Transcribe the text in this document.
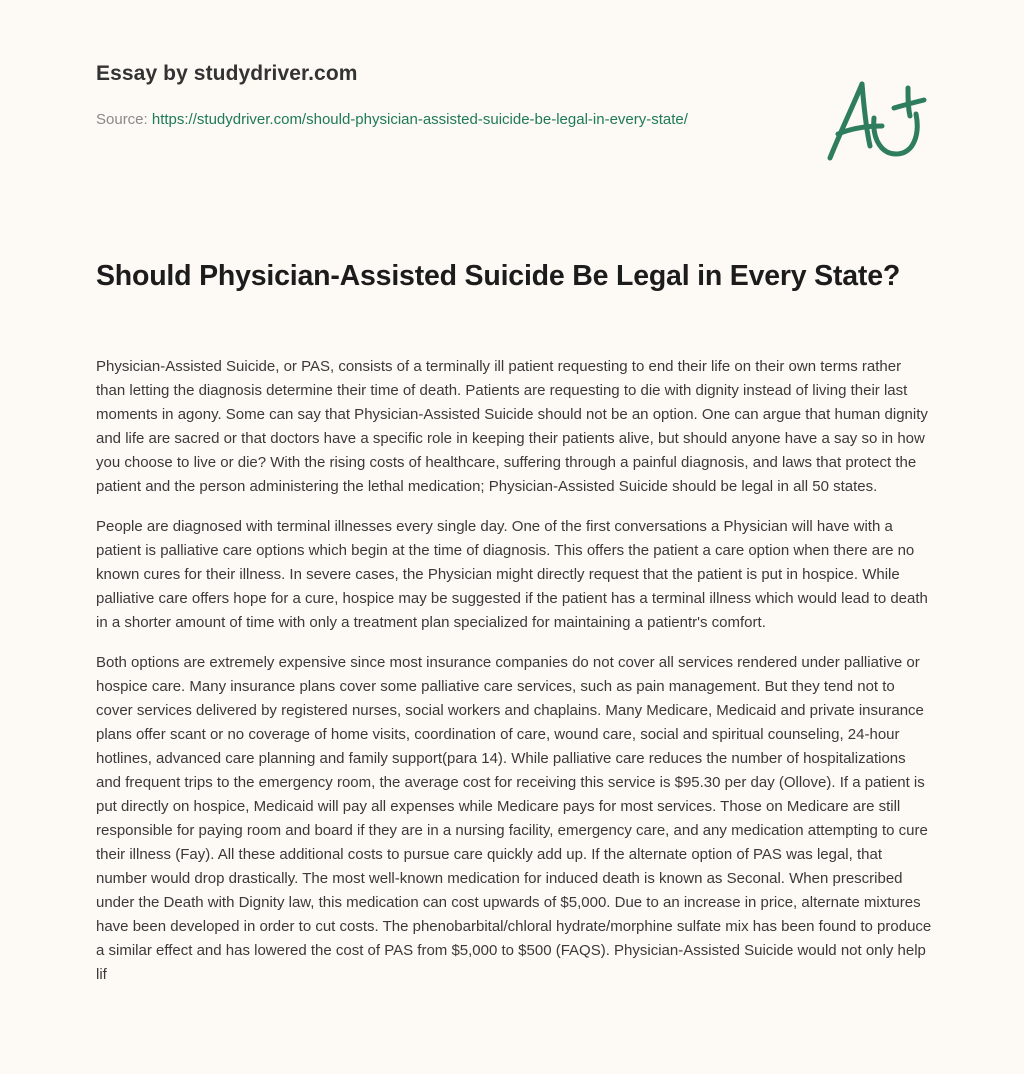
Essay by studydriver.com
Source: https://studydriver.com/should-physician-assisted-suicide-be-legal-in-every-state/
Should Physician-Assisted Suicide Be Legal in Every State?

Physician-Assisted Suicide, or PAS, consists of a terminally ill patient requesting to end their life on their own terms rather than letting the diagnosis determine their time of death. Patients are requesting to die with dignity instead of living their last moments in agony. Some can say that Physician-Assisted Suicide should not be an option. One can argue that human dignity and life are sacred or that doctors have a specific role in keeping their patients alive, but should anyone have a say so in how you choose to live or die? With the rising costs of healthcare, suffering through a painful diagnosis, and laws that protect the patient and the person administering the lethal medication; Physician-Assisted Suicide should be legal in all 50 states.

People are diagnosed with terminal illnesses every single day. One of the first conversations a Physician will have with a patient is palliative care options which begin at the time of diagnosis. This offers the patient a care option when there are no known cures for their illness. In severe cases, the Physician might directly request that the patient is put in hospice. While palliative care offers hope for a cure, hospice may be suggested if the patient has a terminal illness which would lead to death in a shorter amount of time with only a treatment plan specialized for maintaining a patientr's comfort.

Both options are extremely expensive since most insurance companies do not cover all services rendered under palliative or hospice care. Many insurance plans cover some palliative care services, such as pain management. But they tend not to cover services delivered by registered nurses, social workers and chaplains. Many Medicare, Medicaid and private insurance plans offer scant or no coverage of home visits, coordination of care, wound care, social and spiritual counseling, 24-hour hotlines, advanced care planning and family support(para 14). While palliative care reduces the number of hospitalizations and frequent trips to the emergency room, the average cost for receiving this service is $95.30 per day (Ollove). If a patient is put directly on hospice, Medicaid will pay all expenses while Medicare pays for most services. Those on Medicare are still responsible for paying room and board if they are in a nursing facility, emergency care, and any medication attempting to cure their illness (Fay). All these additional costs to pursue care quickly add up. If the alternate option of PAS was legal, that number would drop drastically. The most well-known medication for induced death is known as Seconal. When prescribed under the Death with Dignity law, this medication can cost upwards of $5,000. Due to an increase in price, alternate mixtures have been developed in order to cut costs. The phenobarbital/chloral hydrate/morphine sulfate mix has been found to produce a similar effect and has lowered the cost of PAS from $5,000 to $500 (FAQS). Physician-Assisted Suicide would not only help lif
